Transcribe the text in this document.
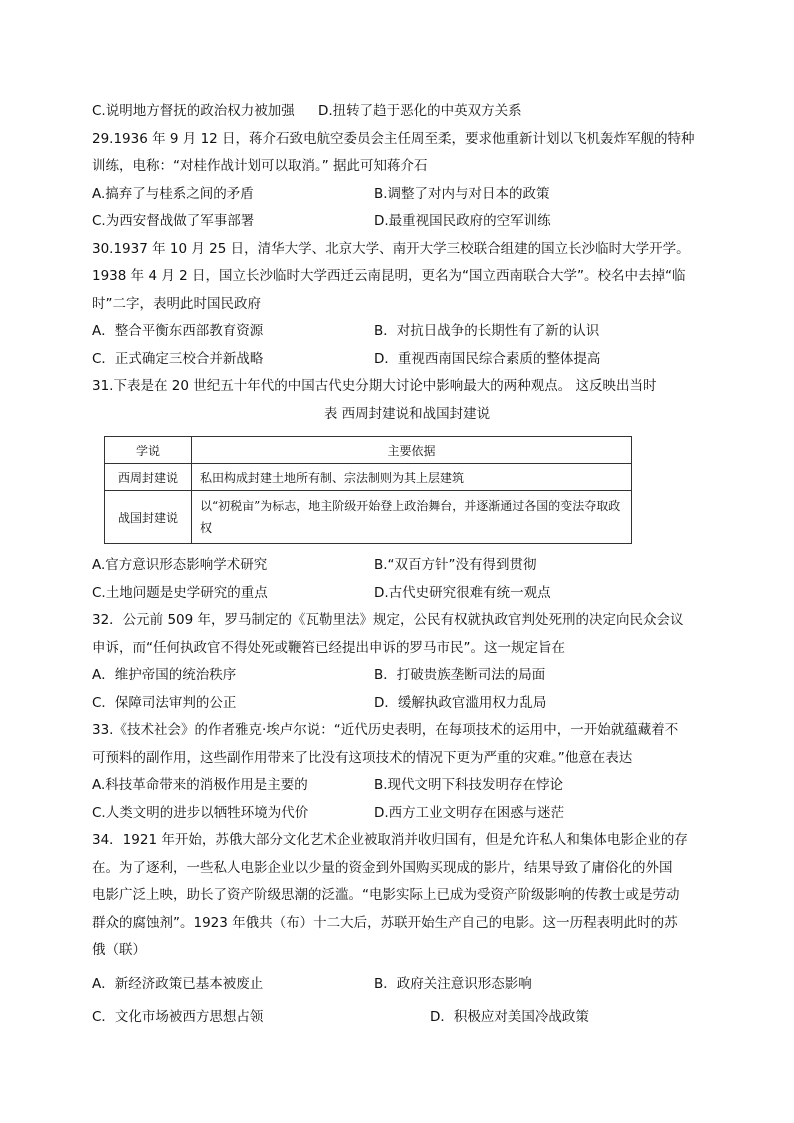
C.说明地方督抚的政治权力被加强	D.扭转了趋于恶化的中英双方关系
29.1936 年 9 月 12 日，蒋介石致电航空委员会主任周至柔，要求他重新计划以飞机轰炸军舰的特种
训练，电称：“对桂作战计划可以取消。” 据此可知蒋介石
A.搞弃了与桂系之间的矛盾	B.调整了对内与对日本的政策
C.为西安督战做了军事部署	D.最重视国民政府的空军训练
30.1937 年 10 月 25 日，清华大学、北京大学、南开大学三校联合组建的国立长沙临时大学开学。
1938 年 4 月 2 日，国立长沙临时大学西迁云南昆明，更名为“国立西南联合大学”。校名中去掉“临
时”二字，表明此时国民政府
A．整合平衡东西部教育资源	B．对抗日战争的长期性有了新的认识
C．正式确定三校合并新战略	D．重视西南国民综合素质的整体提高
31.下表是在 20 世纪五十年代的中国古代史分期大讨论中影响最大的两种观点。 这反映出当时
表 西周封建说和战国封建说
学说	主要依据
西周封建说	私田构成封建土地所有制、宗法制则为其上层建筑
战国封建说	以“初税亩”为标志，地主阶级开始登上政治舞台，并逐渐通过各国的变法夺取政权
A.官方意识形态影响学术研究	B.“双百方针”没有得到贯彻
C.土地问题是史学研究的重点	D.古代史研究很难有统一观点
32．公元前 509 年，罗马制定的《瓦勒里法》规定，公民有权就执政官判处死刑的决定向民众会议
申诉，而“任何执政官不得处死或鞭笞已经提出申诉的罗马市民”。这一规定旨在
A．维护帝国的统治秩序	B．打破贵族垄断司法的局面
C．保障司法审判的公正	D．缓解执政官滥用权力乱局
33.《技术社会》的作者雅克·埃卢尔说：“近代历史表明，在每项技术的运用中，一开始就蕴藏着不
可预料的副作用，这些副作用带来了比没有这项技术的情况下更为严重的灾难。”他意在表达
A.科技革命带来的消极作用是主要的	B.现代文明下科技发明存在悖论
C.人类文明的进步以牺牲环境为代价	D.西方工业文明存在困惑与迷茫
34．1921 年开始，苏俄大部分文化艺术企业被取消并收归国有，但是允许私人和集体电影企业的存
在。为了逐利，一些私人电影企业以少量的资金到外国购买现成的影片，结果导致了庸俗化的外国
电影广泛上映，助长了资产阶级思潮的泛滥。“电影实际上已成为受资产阶级影响的传教士或是劳动
群众的腐蚀剂”。1923 年俄共（布）十二大后，苏联开始生产自己的电影。这一历程表明此时的苏
俄（联）
A．新经济政策已基本被废止	B．政府关注意识形态影响
C．文化市场被西方思想占领	D．积极应对美国冷战政策
